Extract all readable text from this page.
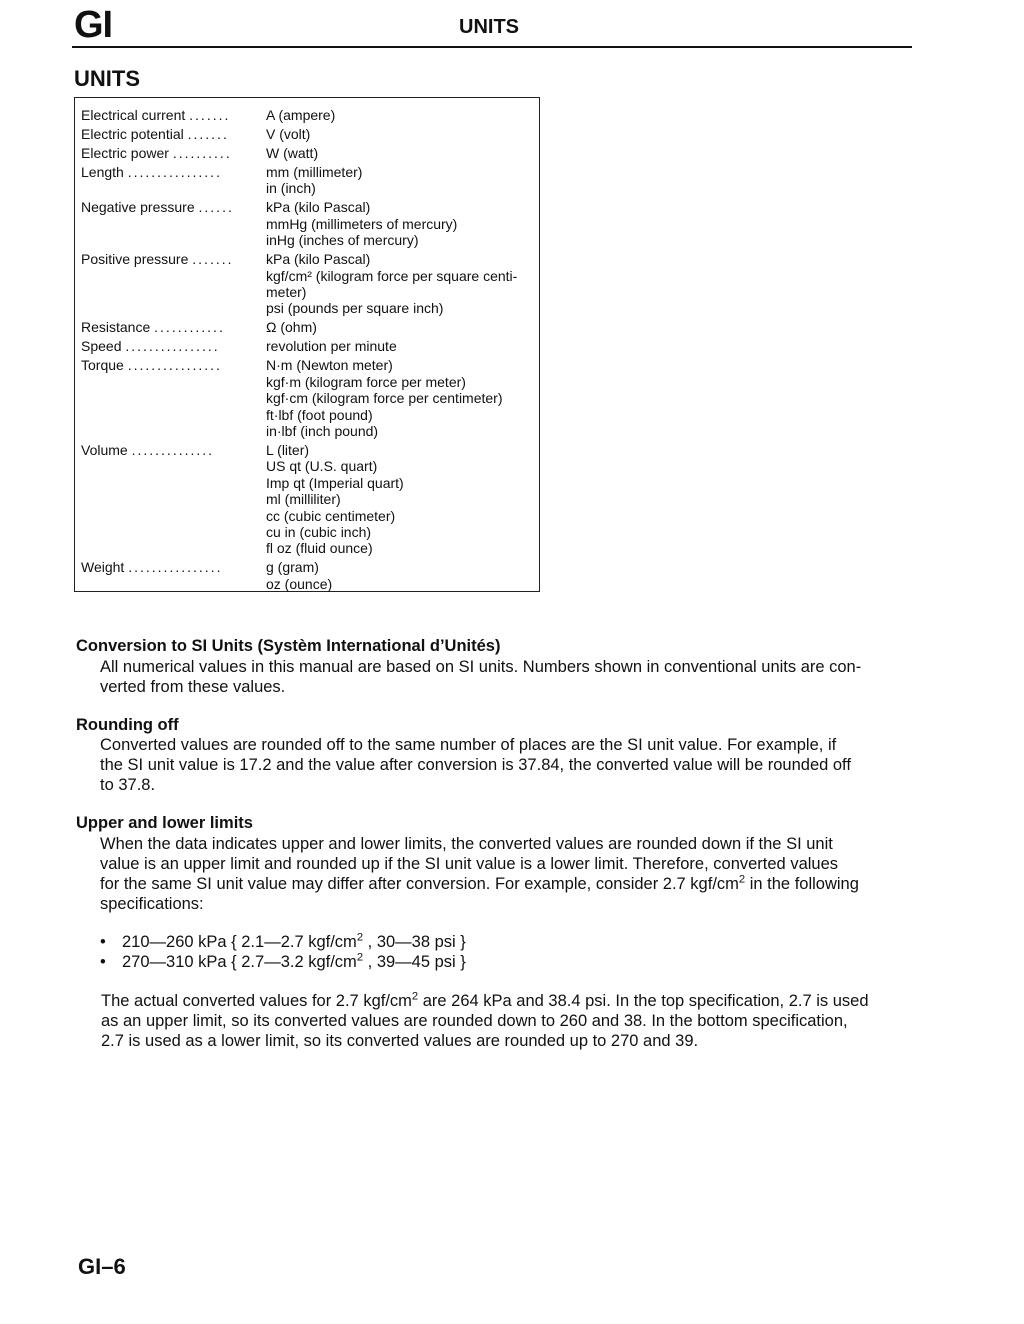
GI	UNITS
UNITS
Electrical current .......	A (ampere)
Electric potential .......	V (volt)
Electric power ..........	W (watt)
Length ................	mm (millimeter)
in (inch)
Negative pressure ......	kPa (kilo Pascal)
mmHg (millimeters of mercury)
inHg (inches of mercury)
Positive pressure .......	kPa (kilo Pascal)
kgf/cm² (kilogram force per square centi-
meter)
psi (pounds per square inch)
Resistance ............	Ω (ohm)
Speed ................	revolution per minute
Torque ................	N·m (Newton meter)
kgf·m (kilogram force per meter)
kgf·cm (kilogram force per centimeter)
ft·lbf (foot pound)
in·lbf (inch pound)
Volume ..............	L (liter)
US qt (U.S. quart)
Imp qt (Imperial quart)
ml (milliliter)
cc (cubic centimeter)
cu in (cubic inch)
fl oz (fluid ounce)
Weight ................	g (gram)
oz (ounce)
Conversion to SI Units (Systèm International d’Unités)
All numerical values in this manual are based on SI units. Numbers shown in conventional units are con-
verted from these values.
Rounding off
Converted values are rounded off to the same number of places are the SI unit value. For example, if
the SI unit value is 17.2 and the value after conversion is 37.84, the converted value will be rounded off
to 37.8.
Upper and lower limits
When the data indicates upper and lower limits, the converted values are rounded down if the SI unit
value is an upper limit and rounded up if the SI unit value is a lower limit. Therefore, converted values
for the same SI unit value may differ after conversion. For example, consider 2.7 kgf/$cm^2$ in the following
specifications:
• 210—260 kPa { 2.1—2.7 kgf/$cm^2$ , 30—38 psi }
• 270—310 kPa { 2.7—3.2 kgf/$cm^2$ , 39—45 psi }
The actual converted values for 2.7 kgf/$cm^2$ are 264 kPa and 38.4 psi. In the top specification, 2.7 is used
as an upper limit, so its converted values are rounded down to 260 and 38. In the bottom specification,
2.7 is used as a lower limit, so its converted values are rounded up to 270 and 39.
GI–6
